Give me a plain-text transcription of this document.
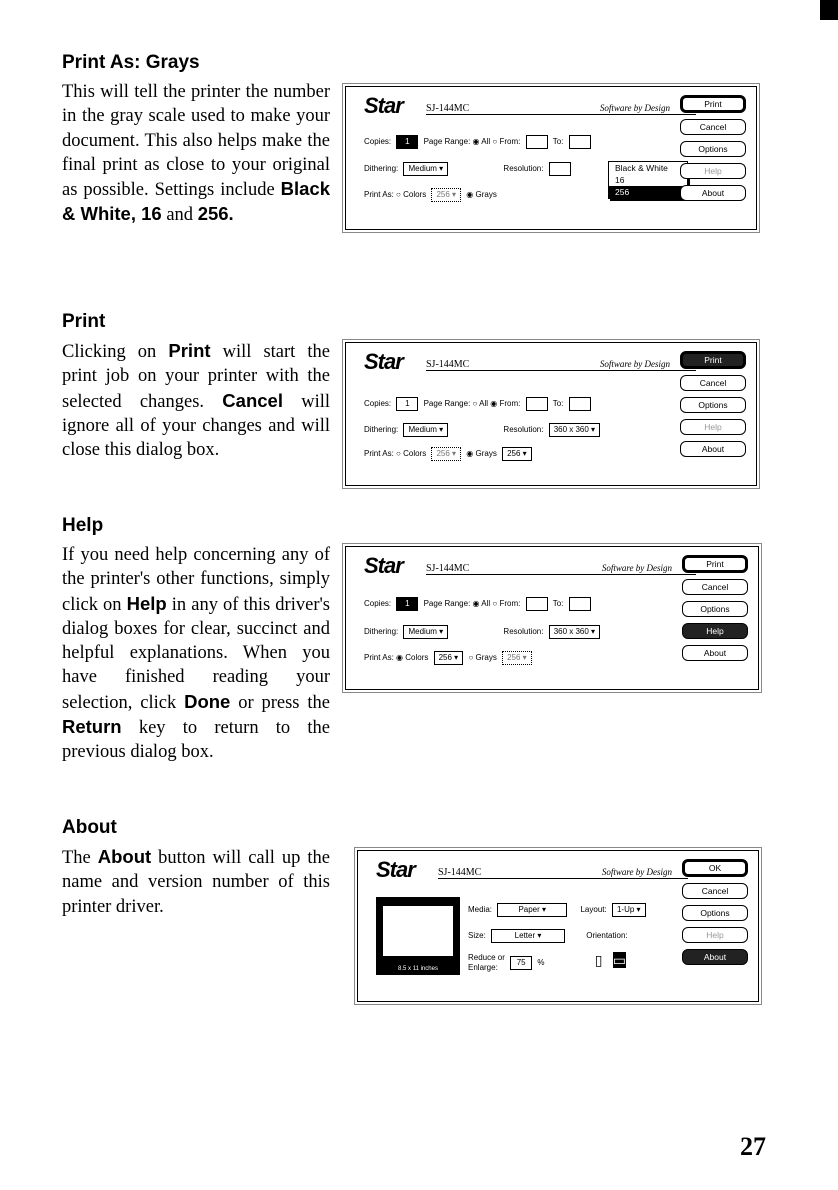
Print As: Grays
This will tell the printer the number in the gray scale used to make your document. This also helps make the final print as close to your original as possible. Settings include Black & White, 16 and 256.
Print
Clicking on Print will start the print job on your printer with the selected changes. Cancel will ignore all of your changes and will close this dialog box.
Help
If you need help concerning any of the printer's other functions, simply click on Help in any of this driver's dialog boxes for clear, succinct and helpful explanations. When you have finished reading your selection, click Done or press the Return key to return to the previous dialog box.
About
The About button will call up the name and version number of this printer driver.
Star SJ-144MC	Software by Design
Copies: 1 Page Range: ◉ All ○ From:	To:
Dithering: Medium ▾	Resolution:
Print As: ○ Colors 256 ▾ ◉ Grays
Black & White
16
256
Print
Cancel
Options
Help
About
Star SJ-144MC	Software by Design
Copies: 1 Page Range: ○ All ◉ From:	To:
Dithering: Medium ▾	Resolution: 360 x 360 ▾
Print As: ○ Colors 256 ▾ ◉ Grays 256 ▾
Print
Cancel
Options
Help
About
Star SJ-144MC	Software by Design
Copies: 1 Page Range: ◉ All ○ From:	To:
Dithering: Medium ▾	Resolution: 360 x 360 ▾
Print As: ◉ Colors 256 ▾ ○ Grays 256 ▾
Print
Cancel
Options
Help
About
Star SJ-144MC	Software by Design
8.5 x 11 inches
Media:	Paper ▾	Layout: 1-Up ▾
Size:	Letter ▾	Orientation:
Reduce or
Enlarge: 75 %	▯ ▭
OK
Cancel
Options
Help
About
27
